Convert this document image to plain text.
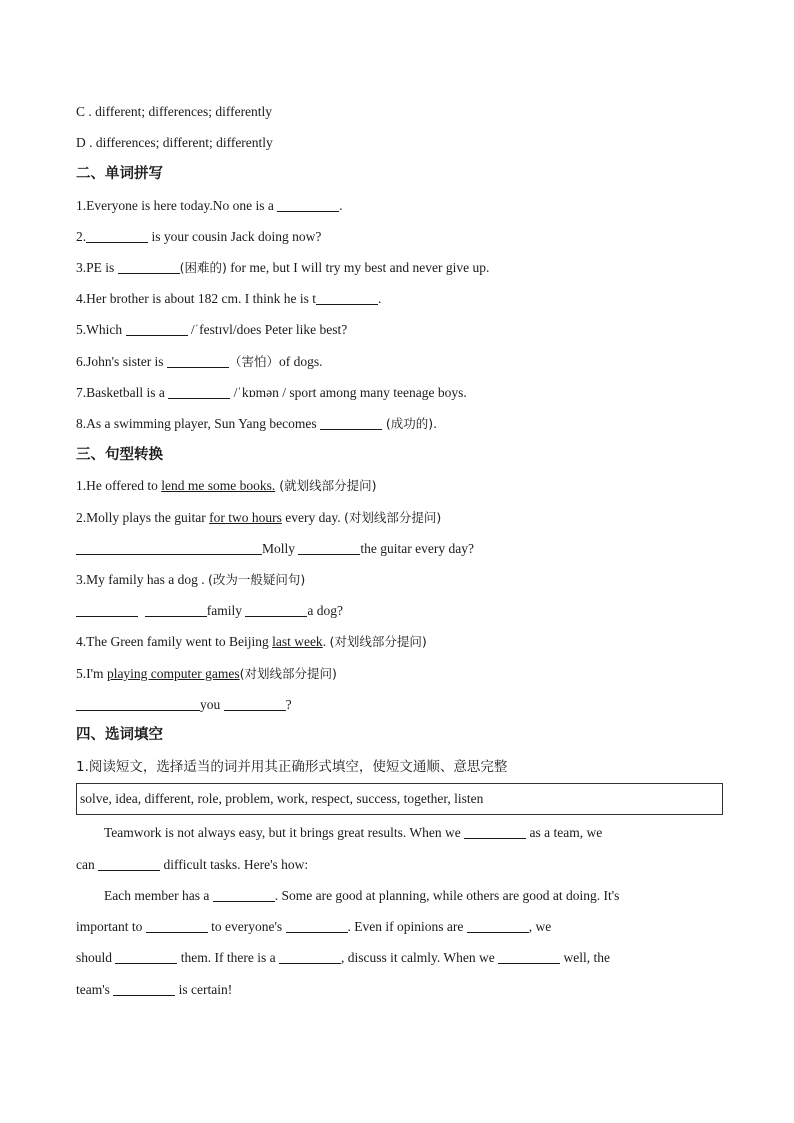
C . different; differences; differently
D . differences; different; differently
二、单词拼写
1.Everyone is here today.No one is a	.
2.	is your cousin Jack doing now?
3.PE is	(困难的) for me, but I will try my best and never give up.
4.Her brother is about 182 cm. I think he is t	.
5.Which	/ˈfestɪvl/does Peter like best?
6.John's sister is	（害怕）of dogs.
7.Basketball is a	/ˈkɒmən / sport among many teenage boys.
8.As a swimming player, Sun Yang becomes	(成功的).
三、句型转换
1.He offered to lend me some books. (就划线部分提问)
2.Molly plays the guitar for two hours every day. (对划线部分提问)
Molly	the guitar every day?
3.My family has a dog . (改为一般疑问句)
family	a dog?
4.The Green family went to Beijing last week. (对划线部分提问)
5.I'm playing computer games(对划线部分提问)
you	?
四、选词填空
1.阅读短文，选择适当的词并用其正确形式填空，使短文通顺、意思完整
solve, idea, different, role, problem, work, respect, success, together, listen
Teamwork is not always easy, but it brings great results. When we	as a team, we
can	difficult tasks. Here's how:
Each member has a	. Some are good at planning, while others are good at doing. It's
important to	to everyone's	. Even if opinions are	, we
should	them. If there is a	, discuss it calmly. When we	well, the
team's	is certain!
